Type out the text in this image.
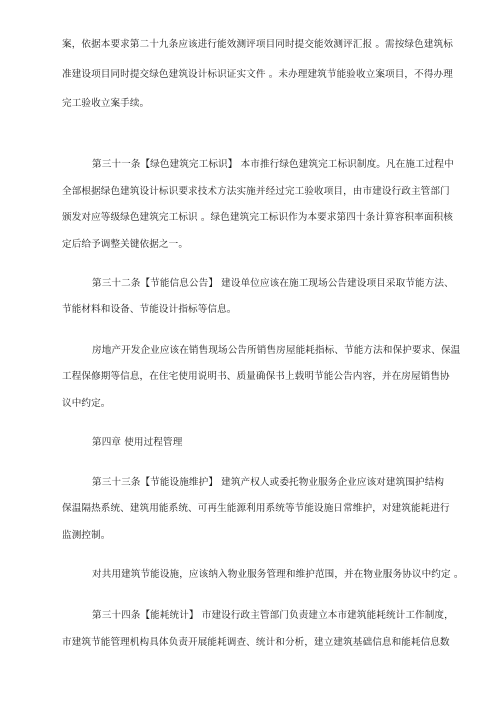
案，依据本要求第二十九条应该进行能效测评项目同时提交能效测评汇报 。需按绿色建筑标
准建设项目同时提交绿色建筑设计标识证实文件 。未办理建筑节能验收立案项目，不得办理
完工验收立案手续。
第三十一条【绿色建筑完工标识】 本市推行绿色建筑完工标识制度。凡在施工过程中
全部根据绿色建筑设计标识要求技术方法实施并经过完工验收项目，由市建设行政主管部门
颁发对应等级绿色建筑完工标识 。绿色建筑完工标识作为本要求第四十条计算容积率面积核
定后给予调整关键依据之一。
第三十二条【节能信息公告】 建设单位应该在施工现场公告建设项目采取节能方法、
节能材料和设备、节能设计指标等信息。
房地产开发企业应该在销售现场公告所销售房屋能耗指标、节能方法和保护要求、保温
工程保修期等信息，在住宅使用说明书、质量确保书上载明节能公告内容，并在房屋销售协
议中约定。
第四章 使用过程管理
第三十三条【节能设施维护】 建筑产权人或委托物业服务企业应该对建筑围护结构
保温隔热系统、建筑用能系统、可再生能源利用系统等节能设施日常维护，对建筑能耗进行
监测控制。
对共用建筑节能设施，应该纳入物业服务管理和维护范围，并在物业服务协议中约定 。
第三十四条【能耗统计】 市建设行政主管部门负责建立本市建筑能耗统计工作制度，
市建筑节能管理机构具体负责开展能耗调查、统计和分析，建立建筑基础信息和能耗信息数
